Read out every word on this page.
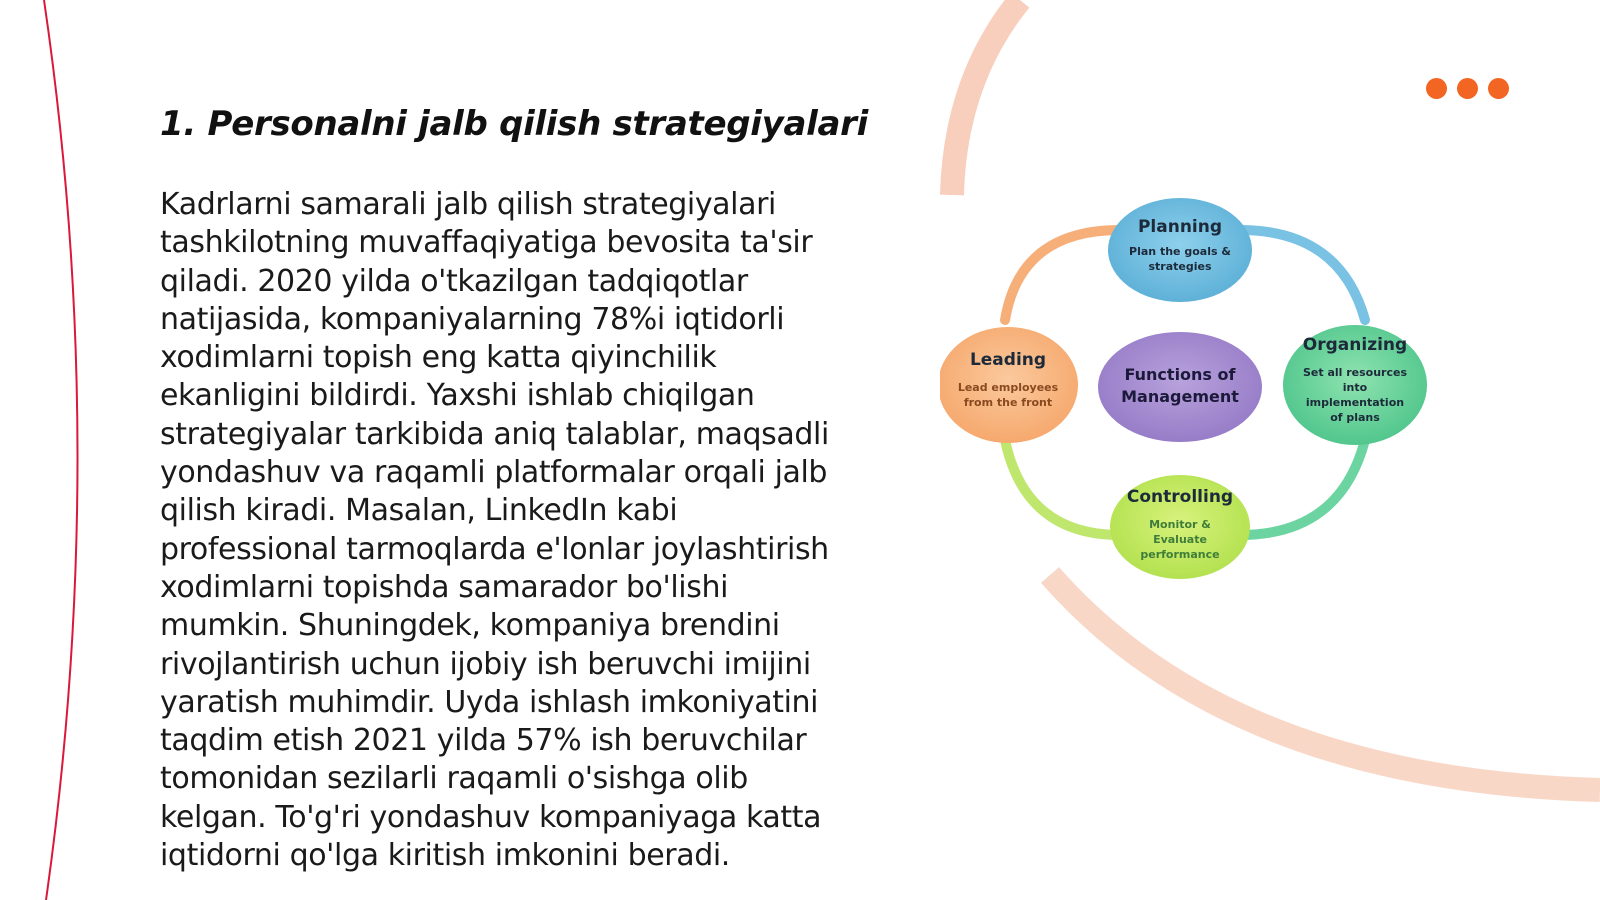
1. Personalni jalb qilish strategiyalari

Kadrlarni samarali jalb qilish strategiyalari tashkilotning muvaffaqiyatiga bevosita ta'sir qiladi. 2020 yilda o'tkazilgan tadqiqotlar natijasida, kompaniyalarning 78%i iqtidorli xodimlarni topish eng katta qiyinchilik ekanligini bildirdi. Yaxshi ishlab chiqilgan strategiyalar tarkibida aniq talablar, maqsadli yondashuv va raqamli platformalar orqali jalb qilish kiradi. Masalan, LinkedIn kabi professional tarmoqlarda e'lonlar joylashtirish xodimlarni topishda samarador bo'lishi mumkin. Shuningdek, kompaniya brendini rivojlantirish uchun ijobiy ish beruvchi imijini yaratish muhimdir. Uyda ishlash imkoniyatini taqdim etish 2021 yilda 57% ish beruvchilar tomonidan sezilarli raqamli o'sishga olib kelgan. To'g'ri yondashuv kompaniyaga katta iqtidorni qo'lga kiritish imkonini beradi.

Planning
Plan the goals &
strategies
Organizing
Set all resources
into
implementation
of plans
Controlling
Monitor &
Evaluate
performance
Leading
Lead employees
from the front
Functions of
Management
